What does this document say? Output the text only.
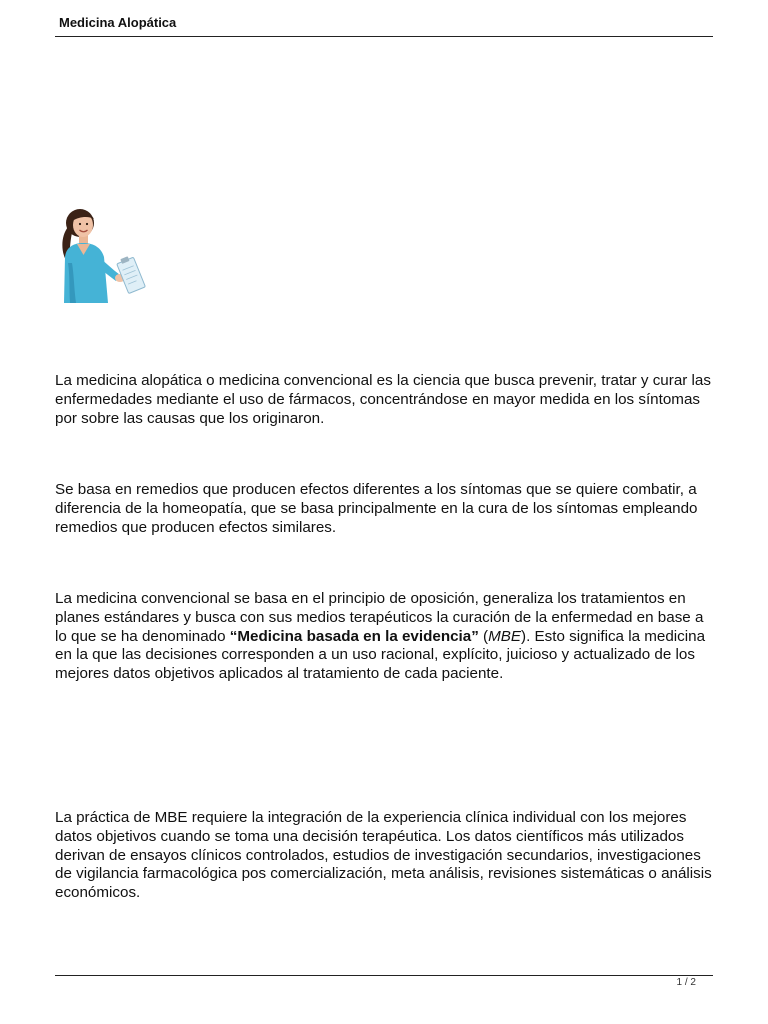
Medicina Alopática

La medicina alopática o medicina convencional es la ciencia que busca prevenir, tratar y curar las enfermedades mediante el uso de fármacos, concentrándose en mayor medida en los síntomas por sobre las causas que los originaron.

Se basa en remedios que producen efectos diferentes a los síntomas que se quiere combatir, a diferencia de la homeopatía, que se basa principalmente en la cura de los síntomas empleando remedios que producen efectos similares.

La medicina convencional se basa en el principio de oposición, generaliza los tratamientos en planes estándares y busca con sus medios terapéuticos la curación de la enfermedad en base a lo que se ha denominado “Medicina basada en la evidencia” (MBE). Esto significa la medicina en la que las decisiones corresponden a un uso racional, explícito, juicioso y actualizado de los mejores datos objetivos aplicados al tratamiento de cada paciente.

La práctica de MBE requiere la integración de la experiencia clínica individual con los mejores datos objetivos cuando se toma una decisión terapéutica. Los datos científicos más utilizados derivan de ensayos clínicos controlados, estudios de investigación secundarios, investigaciones de vigilancia farmacológica pos comercialización, meta análisis, revisiones sistemáticas o análisis económicos.

1 / 2
